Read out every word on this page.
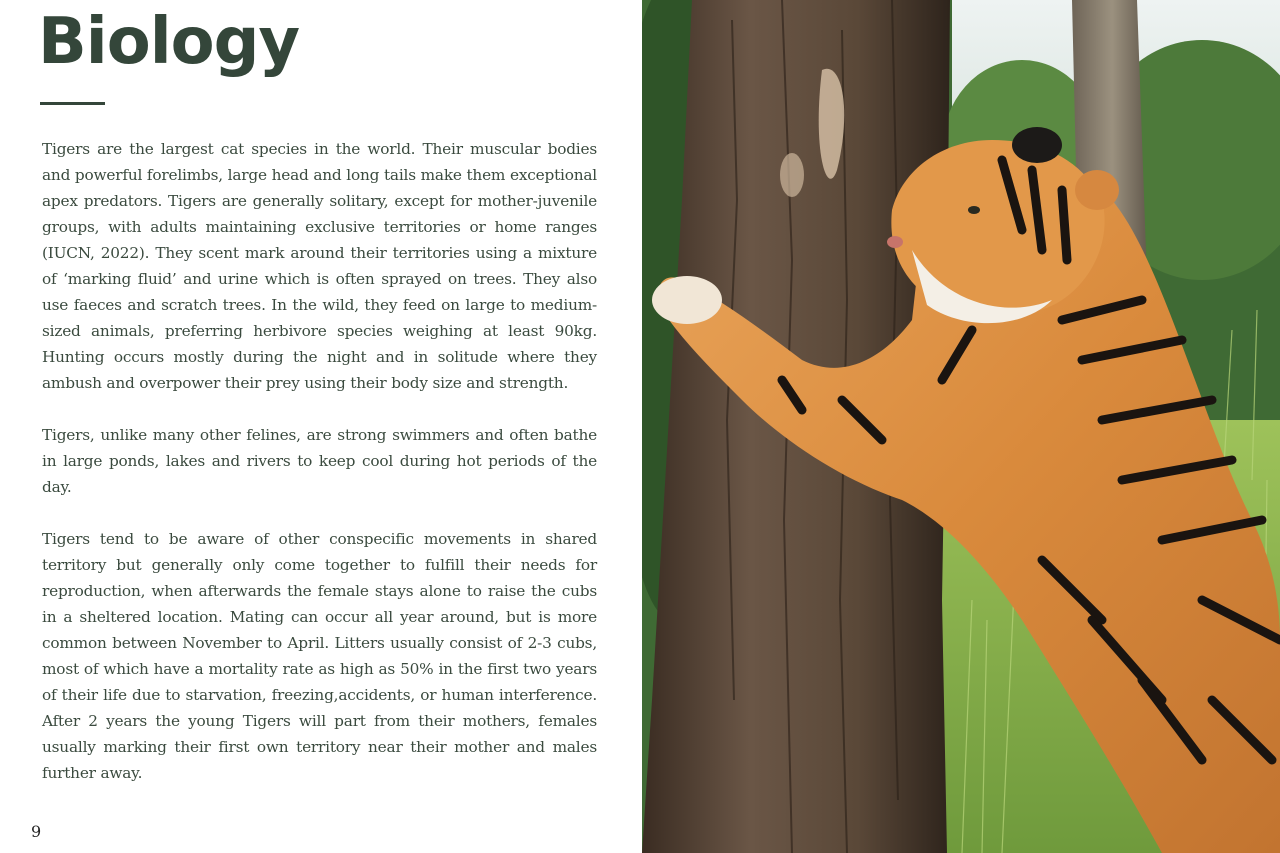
Biology

Tigers are the largest cat species in the world. Their muscular bodies and powerful forelimbs, large head and long tails make them exceptional apex predators. Tigers are generally solitary, except for mother-juvenile groups, with adults maintaining exclusive territories or home ranges (IUCN, 2022). They scent mark around their territories using a mixture of ‘marking fluid’ and urine which is often sprayed on trees. They also use faeces and scratch trees. In the wild, they feed on large to medium-sized animals, preferring herbivore species weighing at least 90kg. Hunting occurs mostly during the night and in solitude where they ambush and overpower their prey using their body size and strength.

Tigers, unlike many other felines, are strong swimmers and often bathe in large ponds, lakes and rivers to keep cool during hot periods of the day.

Tigers tend to be aware of other conspecific movements in shared territory but generally only come together to fulfill their needs for reproduction, when afterwards the female stays alone to raise the cubs in a sheltered location. Mating can occur all year around, but is more common between November to April. Litters usually consist of 2-3 cubs, most of which have a mortality rate as high as 50% in the first two years of their life due to starvation, freezing,accidents, or human interference. After 2 years the young Tigers will part from their mothers, females usually marking their first own territory near their mother and males further away.

9
